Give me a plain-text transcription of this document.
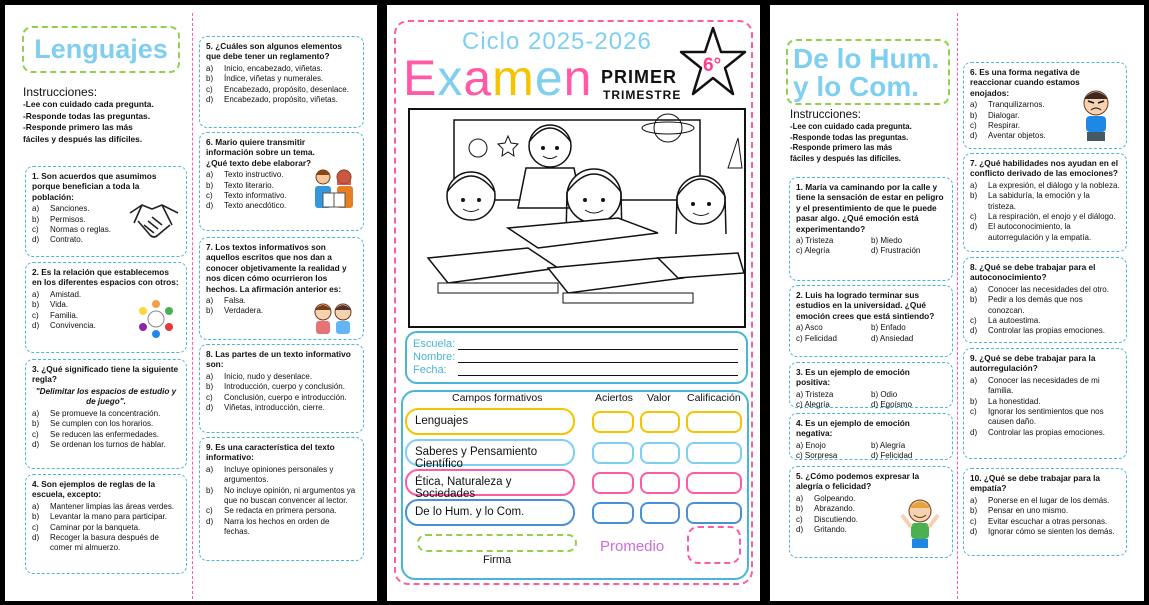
Lenguajes
Instrucciones:
-Lee con cuidado cada pregunta.
-Responde todas las preguntas.
-Responde primero las más
fáciles y después las difíciles.
1. Son acuerdos que asumimos porque benefician a toda la población:
a)	Sanciones.
b)	Permisos.
c)	Normas o reglas.
d)	Contrato.
2. Es la relación que establecemos en los diferentes espacios con otros:
a)	Amistad.
b)	Vida.
c)	Familia.
d)	Convivencia.
3. ¿Qué significado tiene la siguiente regla?
"Delimitar los espacios de estudio y de juego".
a)	Se promueve la concentración.
b)	Se cumplen con los horarios.
c)	Se reducen las enfermedades.
d)	Se ordenan los turnos de hablar.
4. Son ejemplos de reglas de la escuela, excepto:
a)	Mantener limpias las áreas verdes.
b)	Levantar la mano para participar.
c)	Caminar por la banqueta.
d)	Recoger la basura después de comer mi almuerzo.
5. ¿Cuáles son algunos elementos que debe tener un reglamento?
a)	Inicio, encabezado, viñetas.
b)	Índice, viñetas y numerales.
c)	Encabezado, propósito, desenlace.
d)	Encabezado, propósito, viñetas.
6. Mario quiere transmitir información sobre un tema. ¿Qué texto debe elaborar?
a)	Texto instructivo.
b)	Texto literario.
c)	Texto informativo.
d)	Texto anecdótico.
7. Los textos informativos son aquellos escritos que nos dan a conocer objetivamente la realidad y nos dicen cómo ocurrieron los hechos. La afirmación anterior es:
a)	Falsa.
b)	Verdadera.
8. Las partes de un texto informativo son:
a)	Inicio, nudo y desenlace.
b)	Introducción, cuerpo y conclusión.
c)	Conclusión, cuerpo e introducción.
d)	Viñetas, introducción, cierre.
9. Es una característica del texto informativo:
a)	Incluye opiniones personales y argumentos.
b)	No incluye opinión, ni argumentos ya que no buscan convencer al lector.
c)	Se redacta en primera persona.
d)	Narra los hechos en orden de fechas.
Ciclo 2025-2026
Examen PRIMER
TRIMESTRE
6°
Escuela:
Nombre:
Fecha:
Campos formativos	Aciertos Valor Calificación
Lenguajes
Saberes y Pensamiento Científico
Ética, Naturaleza y Sociedades
De lo Hum. y lo Com.
Firma
Promedio
De lo Hum.
y lo Com.
Instrucciones:
-Lee con cuidado cada pregunta.
-Responde todas las preguntas.
-Responde primero las más
fáciles y después las difíciles.
1. María va caminando por la calle y tiene la sensación de estar en peligro y el presentimiento de que le puede pasar algo. ¿Qué emoción está experimentando?
a) Tristeza	b) Miedo
c) Alegría	d) Frustración
2. Luis ha logrado terminar sus estudios en la universidad. ¿Qué emoción crees que está sintiendo?
a) Asco	b) Enfado
c) Felicidad	d) Ansiedad
3. Es un ejemplo de emoción positiva:
a) Tristeza	b) Odio
c) Alegría	d) Egoísmo
4. Es un ejemplo de emoción negativa:
a) Enojo	b) Alegría
c) Sorpresa	d) Felicidad
5. ¿Cómo podemos expresar la alegría o felicidad?
a)	Golpeando.
b)	Abrazando.
c)	Discutiendo.
d)	Gritando.
6. Es una forma negativa de reaccionar cuando estamos enojados:
a)	Tranquilizarnos.
b)	Dialogar.
c)	Respirar.
d)	Aventar objetos.
7. ¿Qué habilidades nos ayudan en el conflicto derivado de las emociones?
a)	La expresión, el diálogo y la nobleza.
b)	La sabiduría, la emoción y la tristeza.
c)	La respiración, el enojo y el diálogo.
d)	El autoconocimiento, la autorregulación y la empatía.
8. ¿Qué se debe trabajar para el autoconocimiento?
a)	Conocer las necesidades del otro.
b)	Pedir a los demás que nos conozcan.
c)	La autoestima.
d)	Controlar las propias emociones.
9. ¿Qué se debe trabajar para la autorregulación?
a)	Conocer las necesidades de mi familia.
b)	La honestidad.
c)	Ignorar los sentimientos que nos causen daño.
d)	Controlar las propias emociones.
10. ¿Qué se debe trabajar para la empatía?
a)	Ponerse en el lugar de los demás.
b)	Pensar en uno mismo.
c)	Evitar escuchar a otras personas.
d)	Ignorar cómo se sienten los demás.
